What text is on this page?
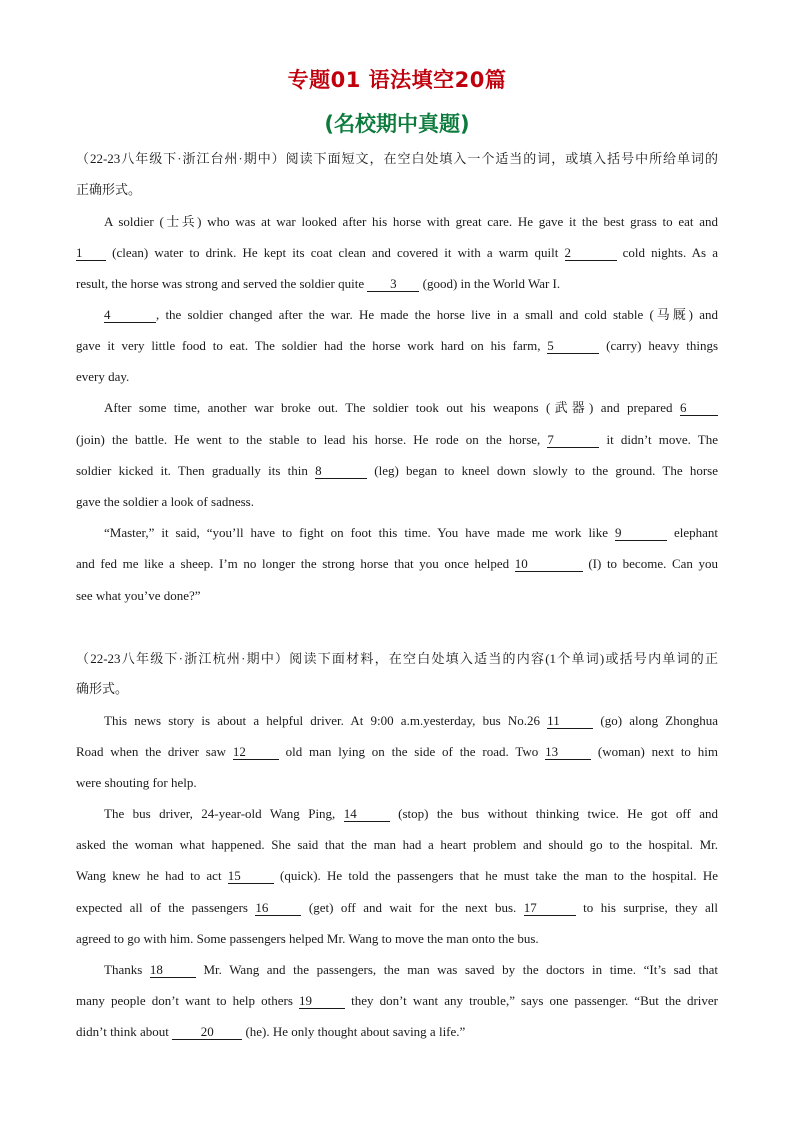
专题01 语法填空20篇
(名校期中真题)
（22-23八年级下·浙江台州·期中）阅读下面短文，在空白处填入一个适当的词，或填入括号中所给单词的
正确形式。
A soldier (士兵) who was at war looked after his horse with great care. He gave it the best grass to eat and
1 (clean) water to drink. He kept its coat clean and covered it with a warm quilt 2	cold nights. As a
result, the horse was strong and served the soldier quite 3 (good) in the World War I.
4	, the soldier changed after the war. He made the horse live in a small and cold stable (马厩) and
gave it very little food to eat. The soldier had the horse work hard on his farm, 5	(carry) heavy things
every day.
After some time, another war broke out. The soldier took out his weapons (武器) and prepared 6
(join) the battle. He went to the stable to lead his horse. He rode on the horse, 7	it didn’t move. The
soldier kicked it. Then gradually its thin 8	(leg) began to kneel down slowly to the ground. The horse
gave the soldier a look of sadness.
“Master,” it said, “you’ll have to fight on foot this time. You have made me work like 9	elephant
and fed me like a sheep. I’m no longer the strong horse that you once helped 10	(I) to become. Can you
see what you’ve done?”
（22-23八年级下·浙江杭州·期中）阅读下面材料，在空白处填入适当的内容(1个单词)或括号内单词的正
确形式。
This news story is about a helpful driver. At 9:00 a.m.yesterday, bus No.26 11	(go) along Zhonghua
Road when the driver saw 12	old man lying on the side of the road. Two 13	(woman) next to him
were shouting for help.
The bus driver, 24-year-old Wang Ping, 14	(stop) the bus without thinking twice. He got off and
asked the woman what happened. She said that the man had a heart problem and should go to the hospital. Mr.
Wang knew he had to act 15	(quick). He told the passengers that he must take the man to the hospital. He
expected all of the passengers 16	(get) off and wait for the next bus. 17	to his surprise, they all
agreed to go with him. Some passengers helped Mr. Wang to move the man onto the bus.
Thanks 18	Mr. Wang and the passengers, the man was saved by the doctors in time. “It’s sad that
many people don’t want to help others 19	they don’t want any trouble,” says one passenger. “But the driver
didn’t think about 20 (he). He only thought about saving a life.”
